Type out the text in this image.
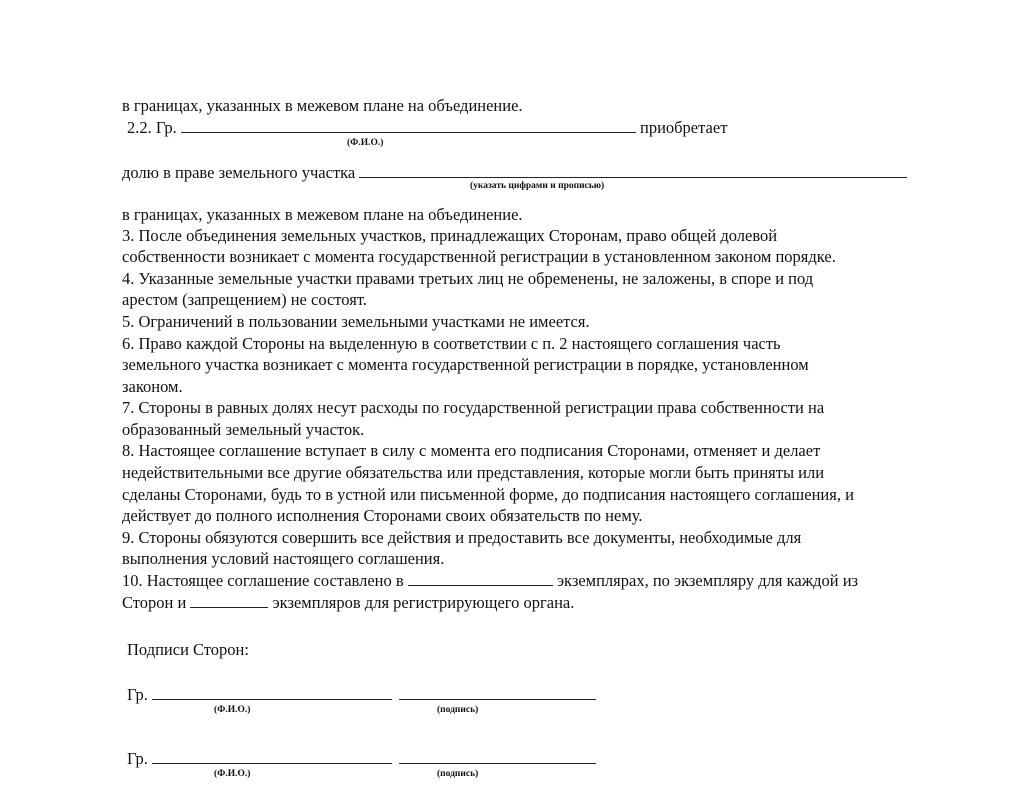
в границах, указанных в межевом плане на объединение.
2.2. Гр.	приобретает
(Ф.И.О.)
долю в праве земельного участка
(указать цифрами и прописью)
в границах, указанных в межевом плане на объединение.
3. После объединения земельных участков, принадлежащих Сторонам, право общей долевой
собственности возникает с момента государственной регистрации в установленном законом порядке.
4. Указанные земельные участки правами третьих лиц не обременены, не заложены, в споре и под
арестом (запрещением) не состоят.
5. Ограничений в пользовании земельными участками не имеется.
6. Право каждой Стороны на выделенную в соответствии с п. 2 настоящего соглашения часть
земельного участка возникает с момента государственной регистрации в порядке, установленном
законом.
7. Стороны в равных долях несут расходы по государственной регистрации права собственности на
образованный земельный участок.
8. Настоящее соглашение вступает в силу с момента его подписания Сторонами, отменяет и делает
недействительными все другие обязательства или представления, которые могли быть приняты или
сделаны Сторонами, будь то в устной или письменной форме, до подписания настоящего соглашения, и
действует до полного исполнения Сторонами своих обязательств по нему.
9. Стороны обязуются совершить все действия и предоставить все документы, необходимые для
выполнения условий настоящего соглашения.
10. Настоящее соглашение составлено в	экземплярах, по экземпляру для каждой из
Сторон и	экземпляров для регистрирующего органа.
Подписи Сторон:
Гр.
(Ф.И.О.)	(подпись)
Гр.
(Ф.И.О.)	(подпись)
